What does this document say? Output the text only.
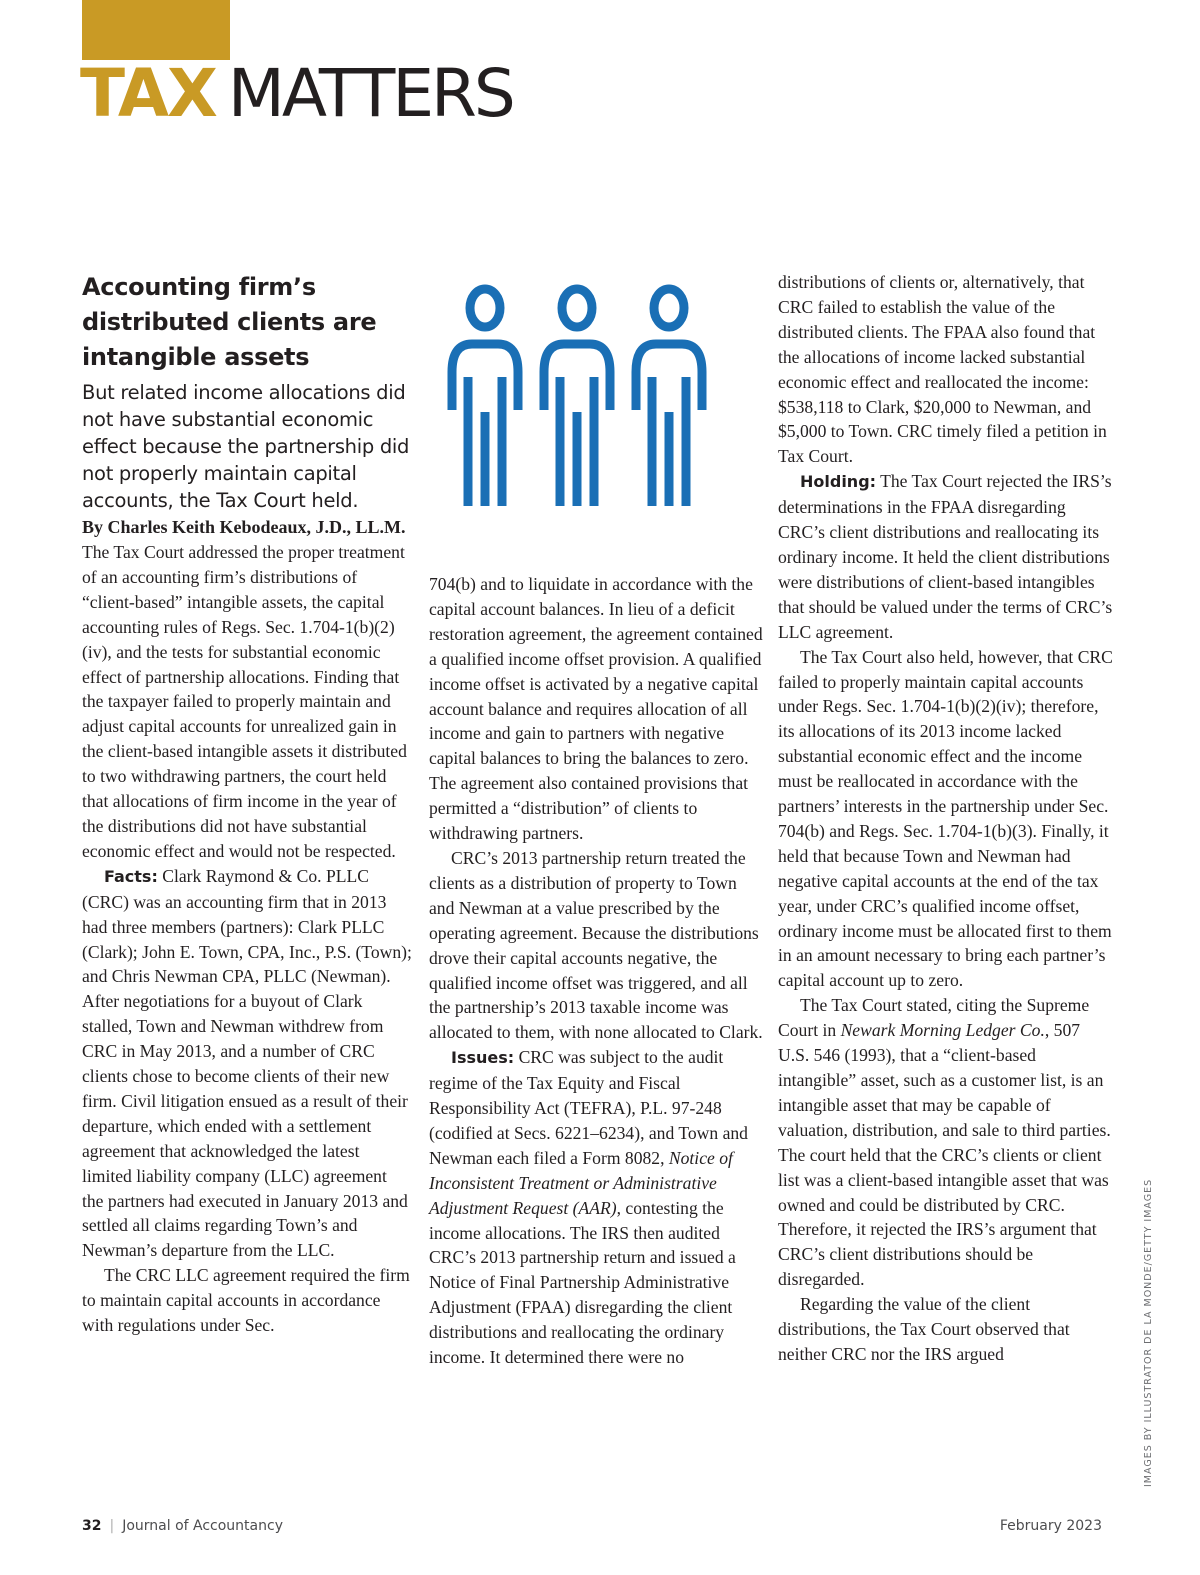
TAX MATTERS
Accounting firm’s distributed clients are intangible assets

But related income allocations did not have substantial economic effect because the partnership did not properly maintain capital accounts, the Tax Court held.

By Charles Keith Kebodeaux, J.D., LL.M.

The Tax Court addressed the proper treatment of an accounting firm’s distributions of “client-based” intangible assets, the capital accounting rules of Regs. Sec. 1.704-1(b)(2)(iv), and the tests for substantial economic effect of partnership allocations. Finding that the taxpayer failed to properly maintain and adjust capital accounts for unrealized gain in the client-based intangible assets it distributed to two withdrawing partners, the court held that allocations of firm income in the year of the distributions did not have substantial economic effect and would not be respected.

Facts: Clark Raymond & Co. PLLC (CRC) was an accounting firm that in 2013 had three members (partners): Clark PLLC (Clark); John E. Town, CPA, Inc., P.S. (Town); and Chris Newman CPA, PLLC (Newman). After negotiations for a buyout of Clark stalled, Town and Newman withdrew from CRC in May 2013, and a number of CRC clients chose to become clients of their new firm. Civil litigation ensued as a result of their departure, which ended with a settlement agreement that acknowledged the latest limited liability company (LLC) agreement the partners had executed in January 2013 and settled all claims regarding Town’s and Newman’s departure from the LLC.

The CRC LLC agreement required the firm to maintain capital accounts in accordance with regulations under Sec.

704(b) and to liquidate in accordance with the capital account balances. In lieu of a deficit restoration agreement, the agreement contained a qualified income offset provision. A qualified income offset is activated by a negative capital account balance and requires allocation of all income and gain to partners with negative capital balances to bring the balances to zero. The agreement also contained provisions that permitted a “distribution” of clients to withdrawing partners.

CRC’s 2013 partnership return treated the clients as a distribution of property to Town and Newman at a value prescribed by the operating agreement. Because the distributions drove their capital accounts negative, the qualified income offset was triggered, and all the partnership’s 2013 taxable income was allocated to them, with none allocated to Clark.

Issues: CRC was subject to the audit regime of the Tax Equity and Fiscal Responsibility Act (TEFRA), P.L. 97-248 (codified at Secs. 6221–6234), and Town and Newman each filed a Form 8082, Notice of Inconsistent Treatment or Administrative Adjustment Request (AAR), contesting the income allocations. The IRS then audited CRC’s 2013 partnership return and issued a Notice of Final Partnership Administrative Adjustment (FPAA) disregarding the client distributions and reallocating the ordinary income. It determined there were no

distributions of clients or, alternatively, that CRC failed to establish the value of the distributed clients. The FPAA also found that the allocations of income lacked substantial economic effect and reallocated the income: $538,118 to Clark, $20,000 to Newman, and $5,000 to Town. CRC timely filed a petition in Tax Court.

Holding: The Tax Court rejected the IRS’s determinations in the FPAA disregarding CRC’s client distributions and reallocating its ordinary income. It held the client distributions were distributions of client-based intangibles that should be valued under the terms of CRC’s LLC agreement.

The Tax Court also held, however, that CRC failed to properly maintain capital accounts under Regs. Sec. 1.704-1(b)(2)(iv); therefore, its allocations of its 2013 income lacked substantial economic effect and the income must be reallocated in accordance with the partners’ interests in the partnership under Sec. 704(b) and Regs. Sec. 1.704-1(b)(3). Finally, it held that because Town and Newman had negative capital accounts at the end of the tax year, under CRC’s qualified income offset, ordinary income must be allocated first to them in an amount necessary to bring each partner’s capital account up to zero.

The Tax Court stated, citing the Supreme Court in Newark Morning Ledger Co., 507 U.S. 546 (1993), that a “client-based intangible” asset, such as a customer list, is an intangible asset that may be capable of valuation, distribution, and sale to third parties. The court held that the CRC’s clients or client list was a client-based intangible asset that was owned and could be distributed by CRC. Therefore, it rejected the IRS’s argument that CRC’s client distributions should be disregarded.

Regarding the value of the client distributions, the Tax Court observed that neither CRC nor the IRS argued	IMAGES BY ILLUSTRATOR DE LA MONDE/GETTY IMAGES
32 | Journal of Accountancy	February 2023
